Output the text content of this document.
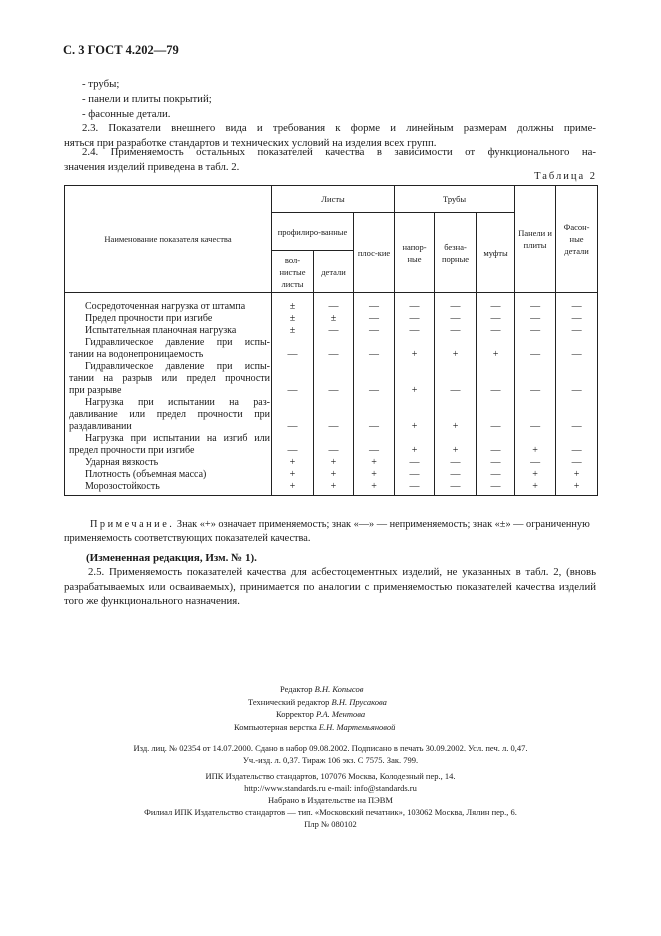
С. 3 ГОСТ 4.202—79
- трубы;
- панели и плиты покрытий;
- фасонные детали.
2.3. Показатели внешнего вида и требования к форме и линейным размерам должны приме-
няться при разработке стандартов и технических условий на изделия всех групп.
2.4. Применяемость остальных показателей качества в зависимости от функционального на-
значения изделий приведена в табл. 2.
Таблица 2
Наименование показателя качества	Листы			Трубы			Панели и плиты	Фасон-ные детали
	профилиро-ванные		плос-кие	напор-ные	безна-порные	муфты		
	вол-нистые листы	детали						

Сосредоточенная нагрузка от штампа	±	—	—	—	—	—	—	—

Предел прочности при изгибе	±	±	—	—	—	—	—	—

Испытательная планочная нагрузка	±	—	—	—	—	—	—	—

Гидравлическое давление при испы-
тании на водонепроницаемость	—	—	—	+	+	+	—	—

Гидравлическое давление при испы-
тании на разрыв или предел прочности
при разрыве	—	—	—	+	—	—	—	—

Нагрузка при испытании на раз-
давливание или предел прочности при
раздавливании	—	—	—	+	+	—	—	—

Нагрузка при испытании на изгиб или
предел прочности при изгибе	—	—	—	+	+	—	+	—

Ударная вязкость	+	+	+	—	—	—	—	—

Плотность (объемная масса)	+	+	+	—	—	—	+	+

Морозостойкость	+	+	+	—	—	—	+	+
Примечание. Знак «+» означает применяемость; знак «—» — неприменяемость; знак «±» — ограниченную применяемость соответствующих показателей качества.
(Измененная редакция, Изм. № 1).
2.5. Применяемость показателей качества для асбестоцементных изделий, не указанных в табл. 2, (вновь разрабатываемых или осваиваемых), принимается по аналогии с применяемостью показателей качества изделий того же функционального назначения.
Редактор В.Н. Копысов
Технический редактор В.Н. Прусакова
Корректор Р.А. Ментова
Компьютерная верстка Е.Н. Мартемьяновой
Изд. лиц. № 02354 от 14.07.2000. Сдано в набор 09.08.2002. Подписано в печать 30.09.2002. Усл. печ. л. 0,47.
Уч.-изд. л. 0,37. Тираж 106 экз. С 7575. Зак. 799.
ИПК Издательство стандартов, 107076 Москва, Колодезный пер., 14.
http://www.standards.ru e-mail: info@standards.ru
Набрано в Издательстве на ПЭВМ
Филиал ИПК Издательство стандартов — тип. «Московский печатник», 103062 Москва, Лялин пер., 6.
Плр № 080102
